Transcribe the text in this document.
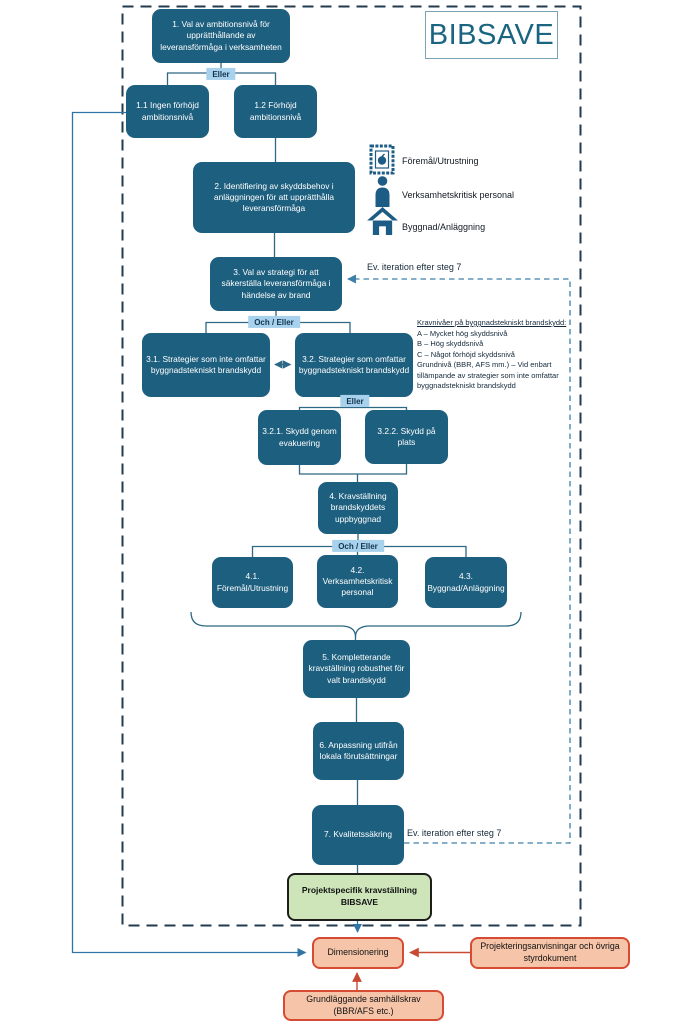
BIBSAVE
1. Val av ambitionsnivå för upprätthållande av leveransförmåga i verksamheten
Eller
1.1 Ingen förhöjd ambitionsnivå
1.2 Förhöjd ambitionsnivå
2. Identifiering av skyddsbehov i anläggningen för att upprätthålla leveransförmåga
3. Val av strategi för att säkerställa leveransförmåga i händelse av brand
Och / Eller
3.1. Strategier som inte omfattar byggnadstekniskt brandskydd
3.2. Strategier som omfattar byggnadstekniskt brandskydd
Eller
3.2.1. Skydd genom evakuering
3.2.2. Skydd på plats
4. Kravställning brandskyddets uppbyggnad
Och / Eller
4.1. Föremål/Utrustning
4.2. Verksamhetskritisk personal
4.3. Byggnad/Anläggning
5. Kompletterande kravställning robusthet för valt brandskydd
6. Anpassning utifrån lokala förutsättningar
7. Kvalitetssäkring
Föremål/Utrustning
Verksamhetskritisk personal
Byggnad/Anläggning
Kravnivåer på byggnadstekniskt brandskydd:
A – Mycket hög skyddsnivå
B – Hög skyddsnivå
C – Något förhöjd skyddsnivå
Grundnivå (BBR, AFS mm.) – Vid enbart tillämpande av strategier som inte omfattar byggnadstekniskt brandskydd
Ev. iteration efter steg 7
Ev. iteration efter steg 7
Projektspecifik kravställning BIBSAVE
Dimensionering
Projekteringsanvisningar och övriga styrdokument
Grundläggande samhällskrav (BBR/AFS etc.)
